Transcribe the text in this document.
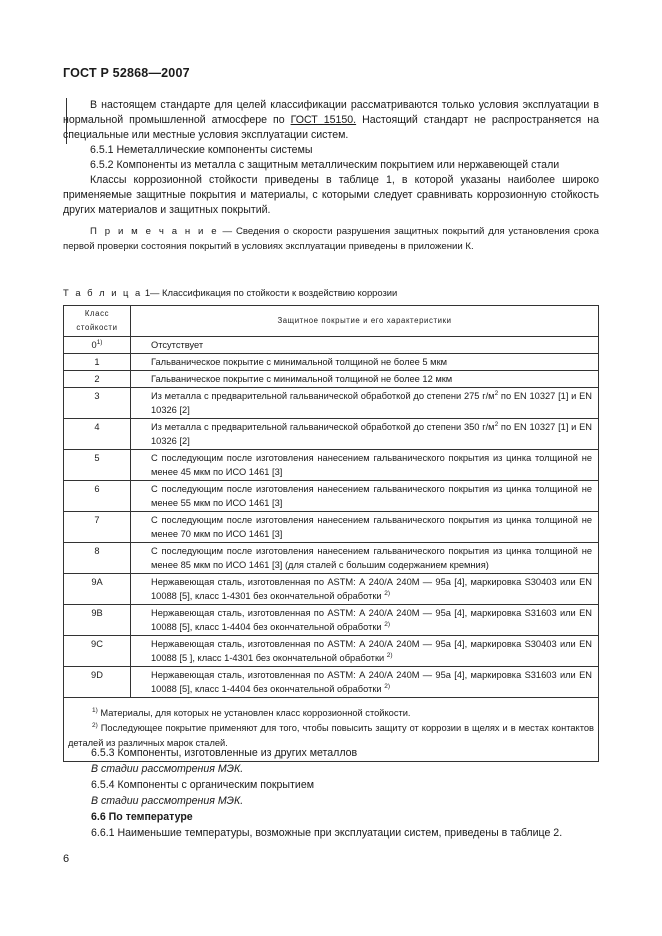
ГОСТ Р 52868—2007

В настоящем стандарте для целей классификации рассматриваются только условия эксплуатации в нормальной промышленной атмосфере по ГОСТ 15150. Настоящий стандарт не распространяется на специальные или местные условия эксплуатации систем.

6.5.1 Неметаллические компоненты системы

6.5.2 Компоненты из металла с защитным металлическим покрытием или нержавеющей стали

Классы коррозионной стойкости приведены в таблице 1, в которой указаны наиболее широко применяемые защитные покрытия и материалы, с которыми следует сравнивать коррозионную стойкость других материалов и защитных покрытий.

П р и м е ч а н и е — Сведения о скорости разрушения защитных покрытий для установления срока первой проверки состояния покрытий в условиях эксплуатации приведены в приложении К.

Т а б л и ц а 1— Классификация по стойкости к воздействию коррозии
Класс стойкости	Защитное покрытие и его характеристики
0$^{1)}$	Отсутствует
1	Гальваническое покрытие с минимальной толщиной не более 5 мкм
2	Гальваническое покрытие с минимальной толщиной не более 12 мкм
3	Из металла с предварительной гальванической обработкой до степени 275 $г/м^2$ по EN 10327 [1] и EN 10326 [2]
4	Из металла с предварительной гальванической обработкой до степени 350 $г/м^2$ по EN 10327 [1] и EN 10326 [2]
5	С последующим после изготовления нанесением гальванического покрытия из цинка толщиной не менее 45 мкм по ИСО 1461 [3]
6	С последующим после изготовления нанесением гальванического покрытия из цинка толщиной не менее 55 мкм по ИСО 1461 [3]
7	С последующим после изготовления нанесением гальванического покрытия из цинка толщиной не менее 70 мкм по ИСО 1461 [3]
8	С последующим после изготовления нанесением гальванического покрытия из цинка толщиной не менее 85 мкм по ИСО 1461 [3] (для сталей с большим содержанием кремния)
9A	Нержавеющая сталь, изготовленная по ASTM: А 240/А 240М — 95а [4], маркировка S30403 или EN 10088 [5], класс 1-4301 без окончательной обработки $^{2)}$
9B	Нержавеющая сталь, изготовленная по ASTM: А 240/А 240М — 95а [4], маркировка S31603 или EN 10088 [5], класс 1-4404 без окончательной обработки $^{2)}$
9C	Нержавеющая сталь, изготовленная по ASTM: А 240/А 240М — 95а [4], маркировка S30403 или EN 10088 [5 ], класс 1-4301 без окончательной обработки $^{2)}$
9D	Нержавеющая сталь, изготовленная по ASTM: А 240/А 240М — 95а [4], маркировка S31603 или EN 10088 [5], класс 1-4404 без окончательной обработки $^{2)}$

$^{1)}$ Материалы, для которых не установлен класс коррозионной стойкости.

$^{2)}$ Последующее покрытие применяют для того, чтобы повысить защиту от коррозии в щелях и в местах контактов деталей из различных марок сталей.	

6.5.3 Компоненты, изготовленные из других металлов

В стадии рассмотрения МЭК.

6.5.4 Компоненты с органическим покрытием

В стадии рассмотрения МЭК.

6.6 По температуре

6.6.1 Наименьшие температуры, возможные при эксплуатации систем, приведены в таблице 2.

6
